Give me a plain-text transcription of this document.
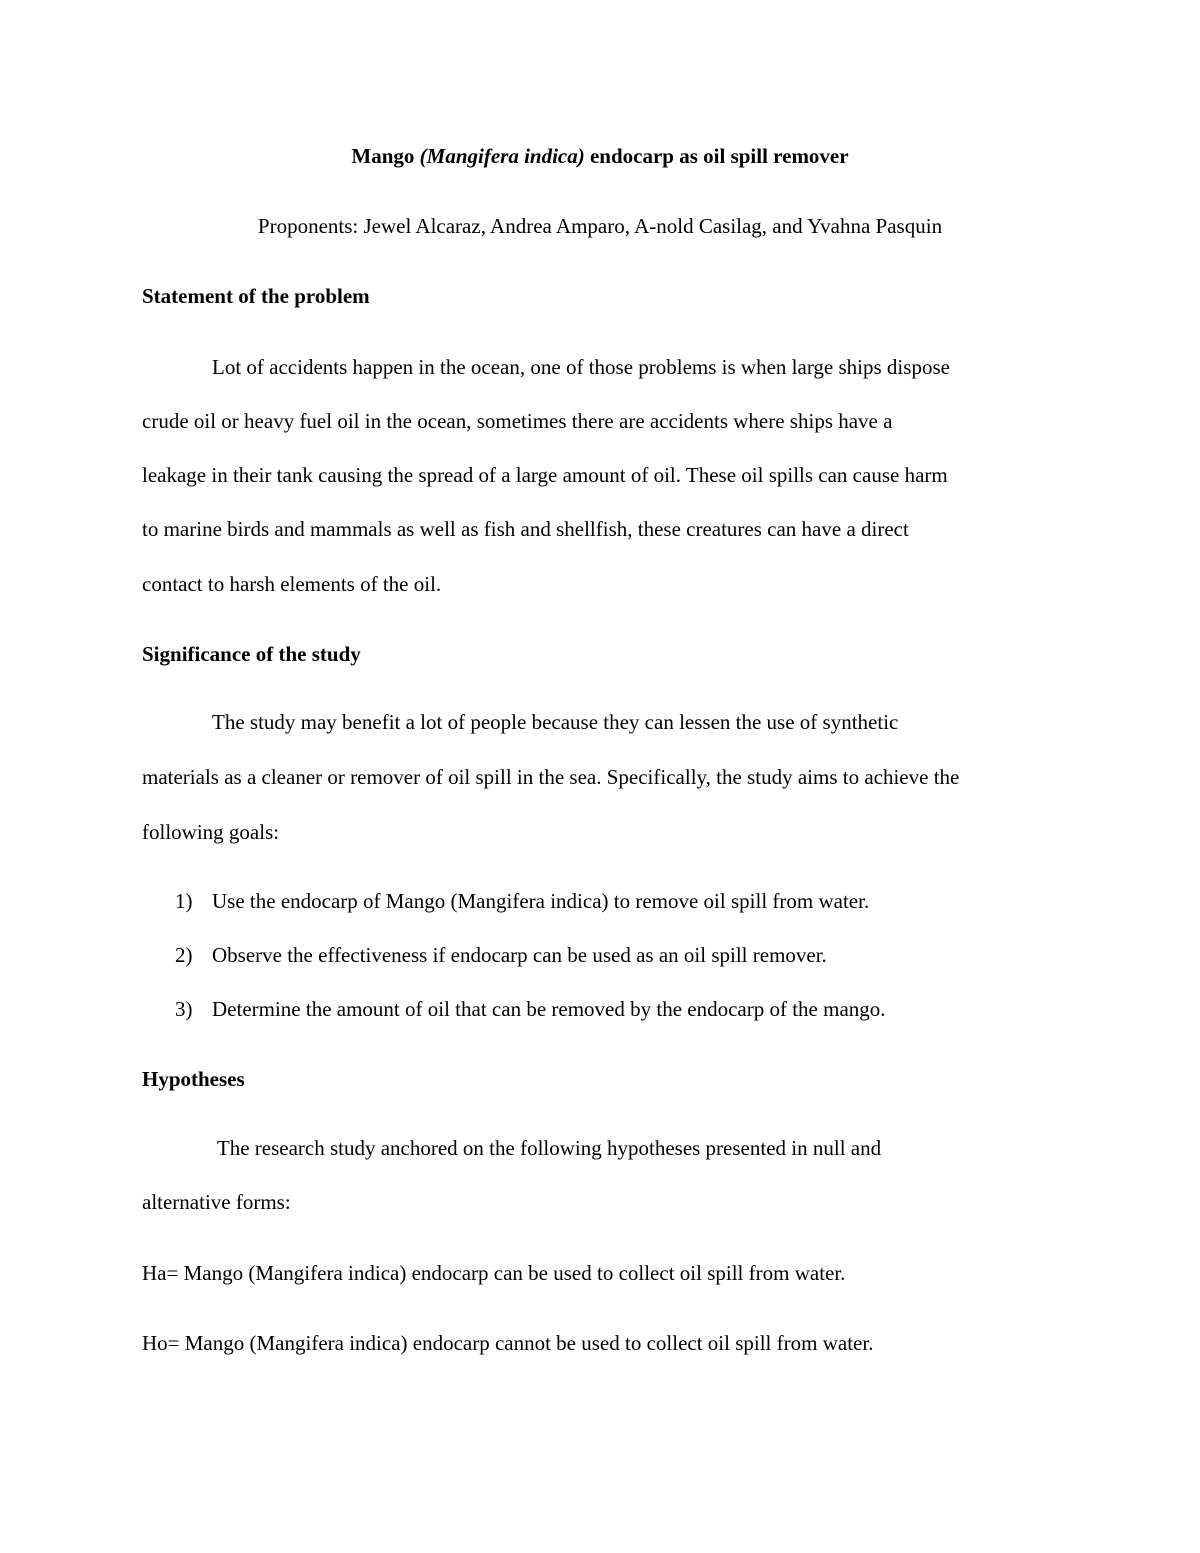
Mango (Mangifera indica) endocarp as oil spill remover
Proponents: Jewel Alcaraz, Andrea Amparo, A-nold Casilag, and Yvahna Pasquin
Statement of the problem
Lot of accidents happen in the ocean, one of those problems is when large ships dispose
crude oil or heavy fuel oil in the ocean, sometimes there are accidents where ships have a
leakage in their tank causing the spread of a large amount of oil. These oil spills can cause harm
to marine birds and mammals as well as fish and shellfish, these creatures can have a direct
contact to harsh elements of the oil.
Significance of the study
The study may benefit a lot of people because they can lessen the use of synthetic
materials as a cleaner or remover of oil spill in the sea. Specifically, the study aims to achieve the
following goals:
1) Use the endocarp of Mango (Mangifera indica) to remove oil spill from water.
2) Observe the effectiveness if endocarp can be used as an oil spill remover.
3) Determine the amount of oil that can be removed by the endocarp of the mango.
Hypotheses
The research study anchored on the following hypotheses presented in null and
alternative forms:
Ha= Mango (Mangifera indica) endocarp can be used to collect oil spill from water.
Ho= Mango (Mangifera indica) endocarp cannot be used to collect oil spill from water.
